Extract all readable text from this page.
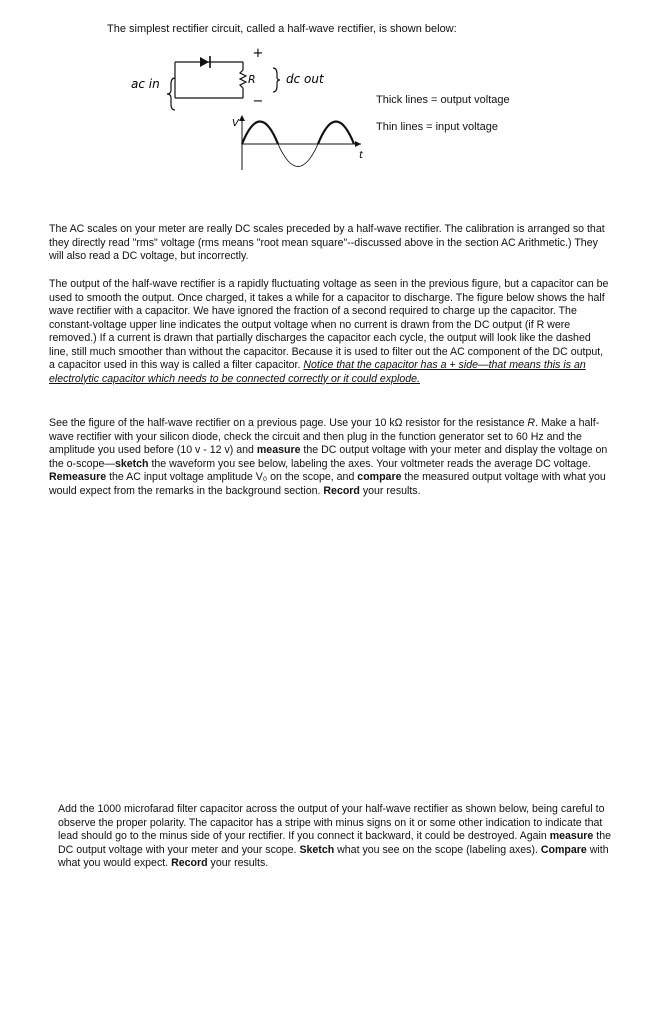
The simplest rectifier circuit, called a half-wave rectifier, is shown below:

+
−
ac in	R	dc out
V
t

Thick lines = output voltage

Thin lines = input voltage

The AC scales on your meter are really DC scales preceded by a half-wave rectifier. The calibration is arranged so that they directly read "rms" voltage (rms means "root mean square"--discussed above in the section AC Arithmetic.) They will also read a DC voltage, but incorrectly.

The output of the half-wave rectifier is a rapidly fluctuating voltage as seen in the previous figure, but a capacitor can be used to smooth the output. Once charged, it takes a while for a capacitor to discharge. The figure below shows the half wave rectifier with a capacitor. We have ignored the fraction of a second required to charge up the capacitor. The constant-voltage upper line indicates the output voltage when no current is drawn from the DC output (if R were removed.) If a current is drawn that partially discharges the capacitor each cycle, the output will look like the dashed line, still much smoother than without the capacitor. Because it is used to filter out the AC component of the DC output, a capacitor used in this way is called a filter capacitor. Notice that the capacitor has a + side—that means this is an electrolytic capacitor which needs to be connected correctly or it could explode.

See the figure of the half-wave rectifier on a previous page. Use your 10 kΩ resistor for the resistance R. Make a half-wave rectifier with your silicon diode, check the circuit and then plug in the function generator set to 60 Hz and the amplitude you used before (10 v - 12 v) and measure the DC output voltage with your meter and display the voltage on the o-scope—sketch the waveform you see below, labeling the axes. Your voltmeter reads the average DC voltage. Remeasure the AC input voltage amplitude V₀ on the scope, and compare the measured output voltage with what you would expect from the remarks in the background section. Record your results.

Add the 1000 microfarad filter capacitor across the output of your half-wave rectifier as shown below, being careful to observe the proper polarity. The capacitor has a stripe with minus signs on it or some other indication to indicate that lead should go to the minus side of your rectifier. If you connect it backward, it could be destroyed. Again measure the DC output voltage with your meter and your scope. Sketch what you see on the scope (labeling axes). Compare with what you would expect. Record your results.
